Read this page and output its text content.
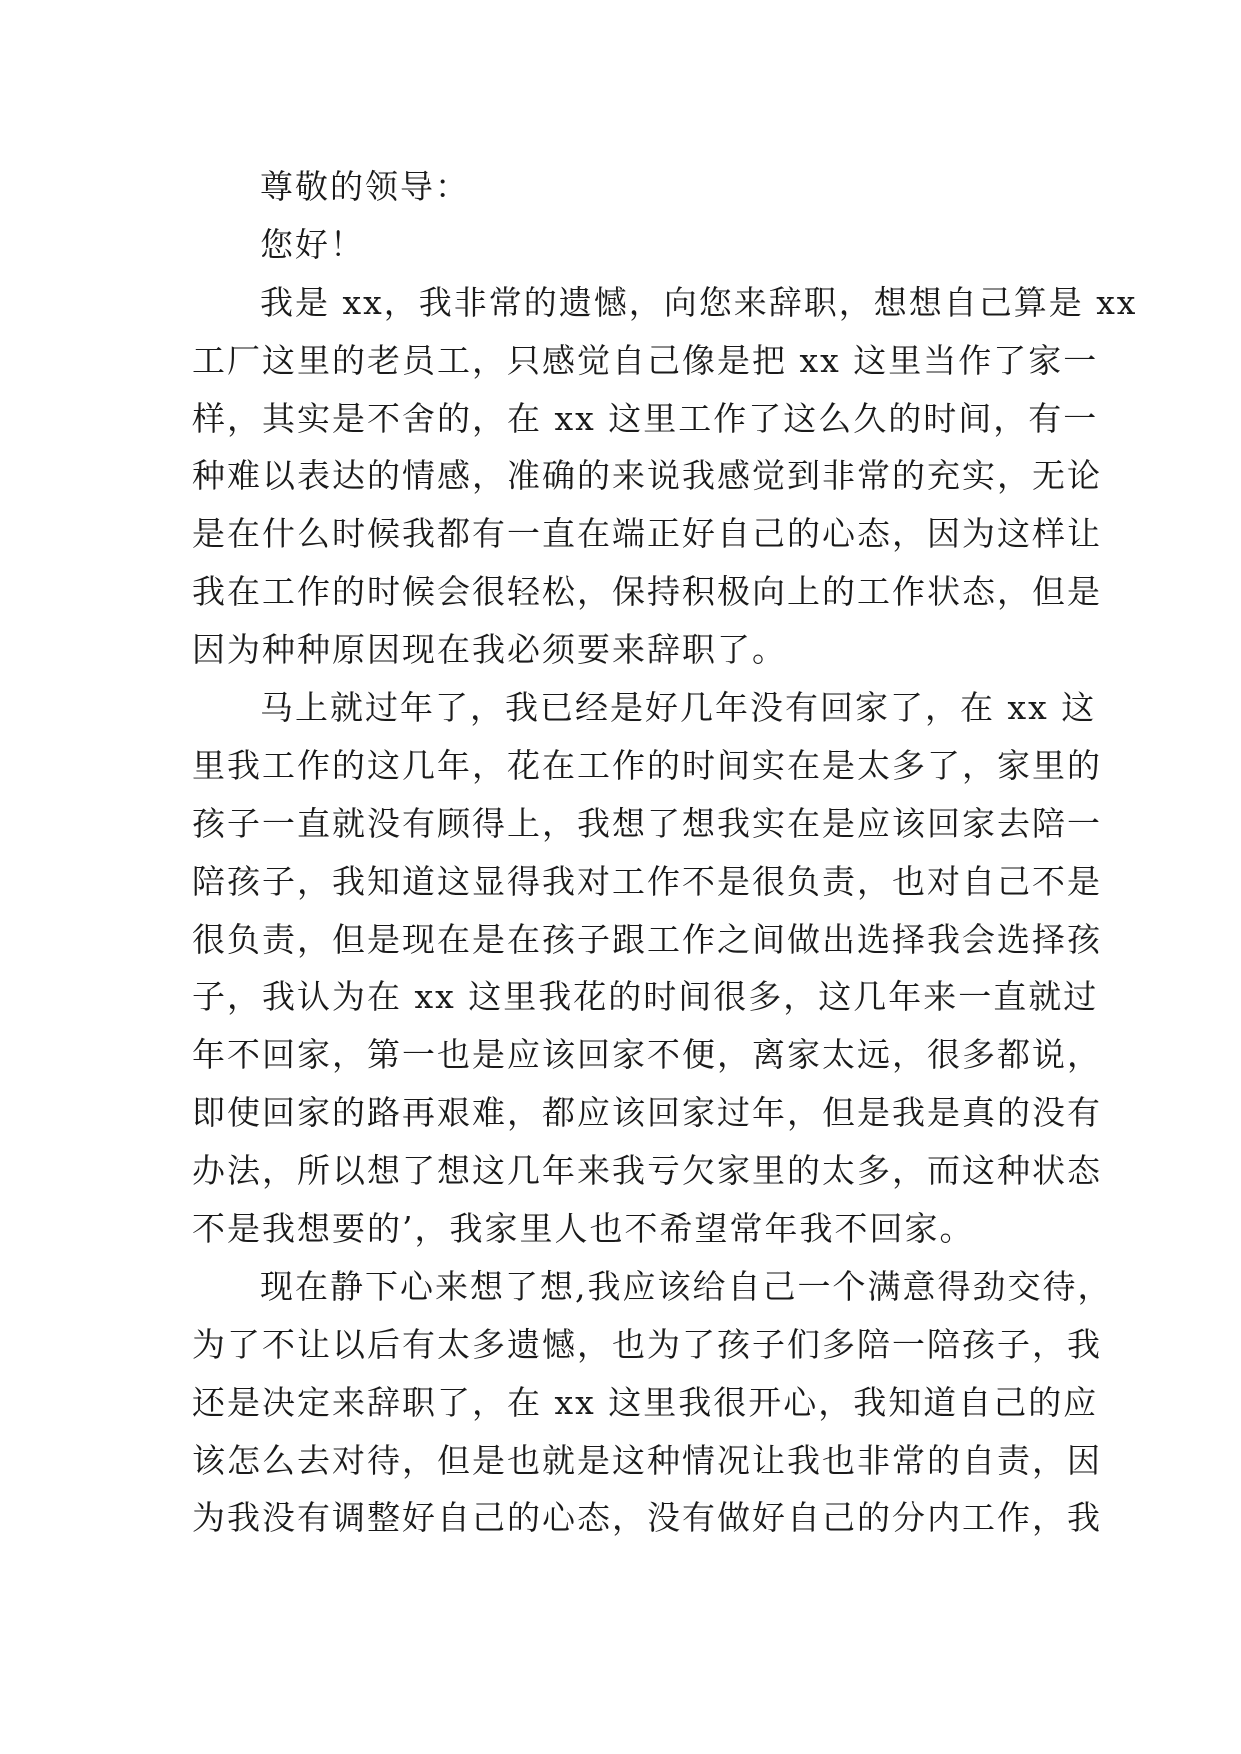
尊敬的领导：
您好！
我是 xx，我非常的遗憾，向您来辞职，想想自己算是 xx
工厂这里的老员工，只感觉自己像是把 xx 这里当作了家一
样，其实是不舍的，在 xx 这里工作了这么久的时间，有一
种难以表达的情感，准确的来说我感觉到非常的充实，无论
是在什么时候我都有一直在端正好自己的心态，因为这样让
我在工作的时候会很轻松，保持积极向上的工作状态，但是
因为种种原因现在我必须要来辞职了。
马上就过年了，我已经是好几年没有回家了，在 xx 这
里我工作的这几年，花在工作的时间实在是太多了，家里的
孩子一直就没有顾得上，我想了想我实在是应该回家去陪一
陪孩子，我知道这显得我对工作不是很负责，也对自己不是
很负责，但是现在是在孩子跟工作之间做出选择我会选择孩
子，我认为在 xx 这里我花的时间很多，这几年来一直就过
年不回家，第一也是应该回家不便，离家太远，很多都说，
即使回家的路再艰难，都应该回家过年，但是我是真的没有
办法，所以想了想这几年来我亏欠家里的太多，而这种状态
不是我想要的’，我家里人也不希望常年我不回家。
现在静下心来想了想,我应该给自己一个满意得劲交待，
为了不让以后有太多遗憾，也为了孩子们多陪一陪孩子，我
还是决定来辞职了，在 xx 这里我很开心，我知道自己的应
该怎么去对待，但是也就是这种情况让我也非常的自责，因
为我没有调整好自己的心态，没有做好自己的分内工作，我
